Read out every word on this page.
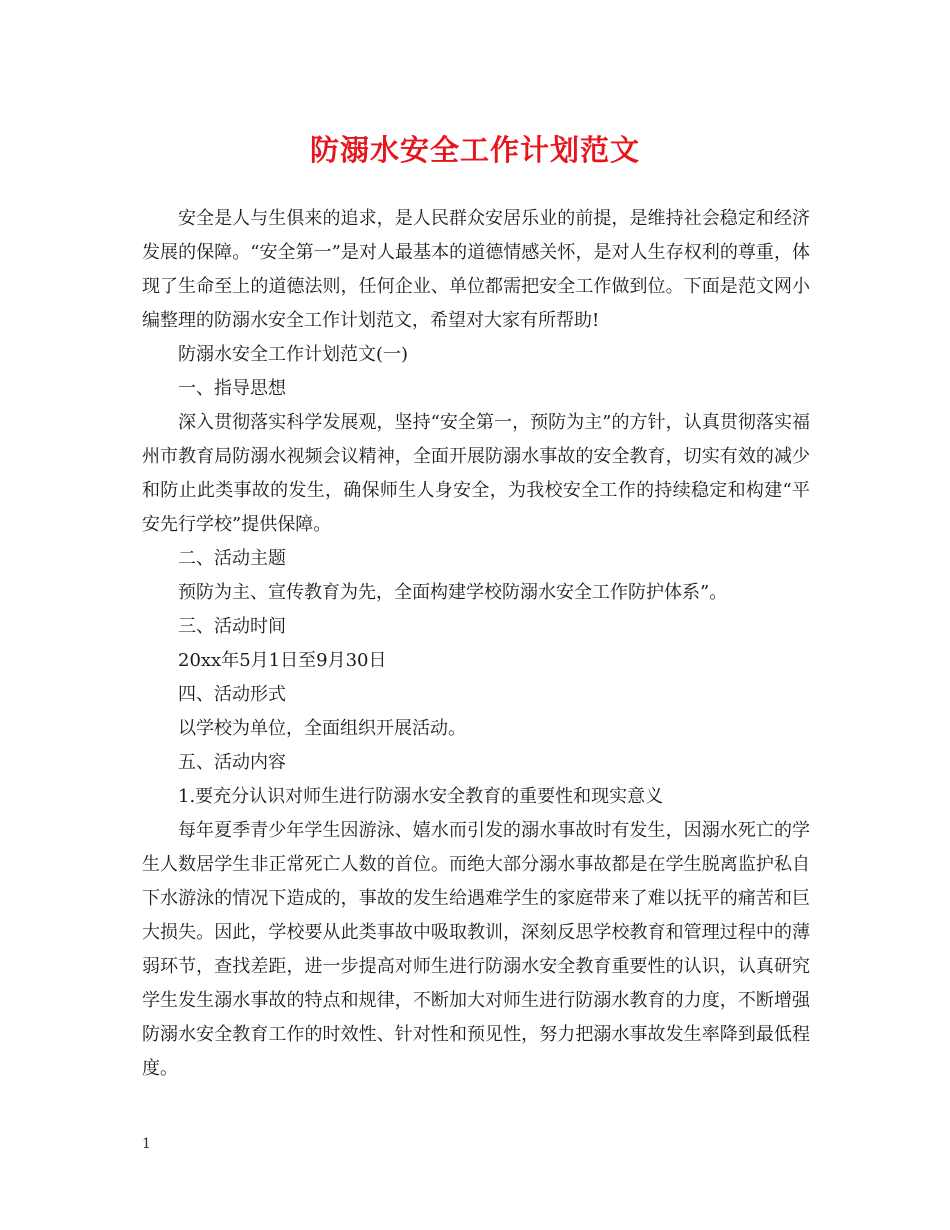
防溺水安全工作计划范文

安全是人与生俱来的追求，是人民群众安居乐业的前提，是维持社会稳定和经济发展的保障。“安全第一”是对人最基本的道德情感关怀，是对人生存权利的尊重，体现了生命至上的道德法则，任何企业、单位都需把安全工作做到位。下面是范文网小编整理的防溺水安全工作计划范文，希望对大家有所帮助!

防溺水安全工作计划范文(一)

一、指导思想

深入贯彻落实科学发展观，坚持“安全第一，预防为主”的方针，认真贯彻落实福州市教育局防溺水视频会议精神，全面开展防溺水事故的安全教育，切实有效的减少和防止此类事故的发生，确保师生人身安全，为我校安全工作的持续稳定和构建“平安先行学校”提供保障。

二、活动主题

预防为主、宣传教育为先，全面构建学校防溺水安全工作防护体系”。

三、活动时间

20xx年5月1日至9月30日

四、活动形式

以学校为单位，全面组织开展活动。

五、活动内容

1.要充分认识对师生进行防溺水安全教育的重要性和现实意义

每年夏季青少年学生因游泳、嬉水而引发的溺水事故时有发生，因溺水死亡的学生人数居学生非正常死亡人数的首位。而绝大部分溺水事故都是在学生脱离监护私自下水游泳的情况下造成的，事故的发生给遇难学生的家庭带来了难以抚平的痛苦和巨大损失。因此，学校要从此类事故中吸取教训，深刻反思学校教育和管理过程中的薄弱环节，查找差距，进一步提高对师生进行防溺水安全教育重要性的认识，认真研究学生发生溺水事故的特点和规律，不断加大对师生进行防溺水教育的力度，不断增强防溺水安全教育工作的时效性、针对性和预见性，努力把溺水事故发生率降到最低程度。

1
